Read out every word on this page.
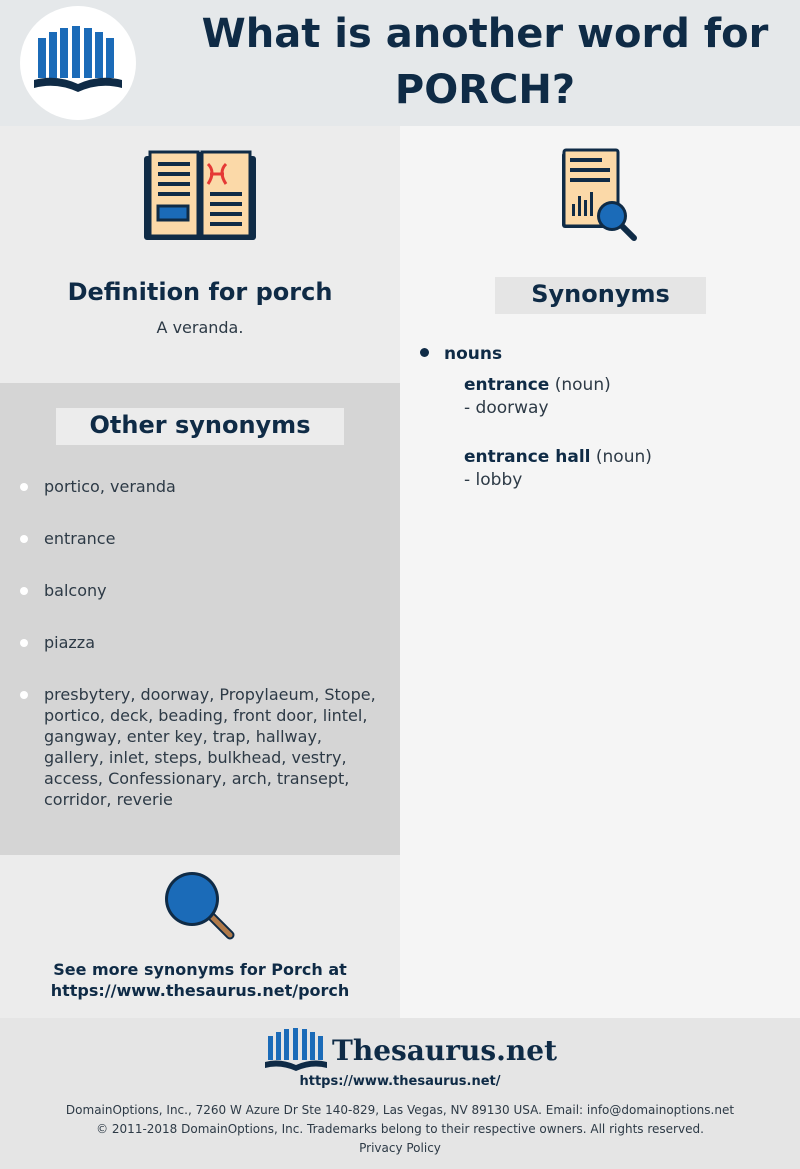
What is another word for
PORCH?
Definition for porch
A veranda.
Other synonyms
portico, veranda
entrance
balcony
piazza
presbytery, doorway, Propylaeum, Stope, portico, deck, beading, front door, lintel, gangway, enter key, trap, hallway, gallery, inlet, steps, bulkhead, vestry, access, Confessionary, arch, transept, corridor, reverie
See more synonyms for Porch at
https://www.thesaurus.net/porch
Synonyms
nouns
entrance (noun)
- doorway
entrance hall (noun)
- lobby
Thesaurus.net
https://www.thesaurus.net/
DomainOptions, Inc., 7260 W Azure Dr Ste 140-829, Las Vegas, NV 89130 USA. Email: info@domainoptions.net
© 2011-2018 DomainOptions, Inc. Trademarks belong to their respective owners. All rights reserved.
Privacy Policy
